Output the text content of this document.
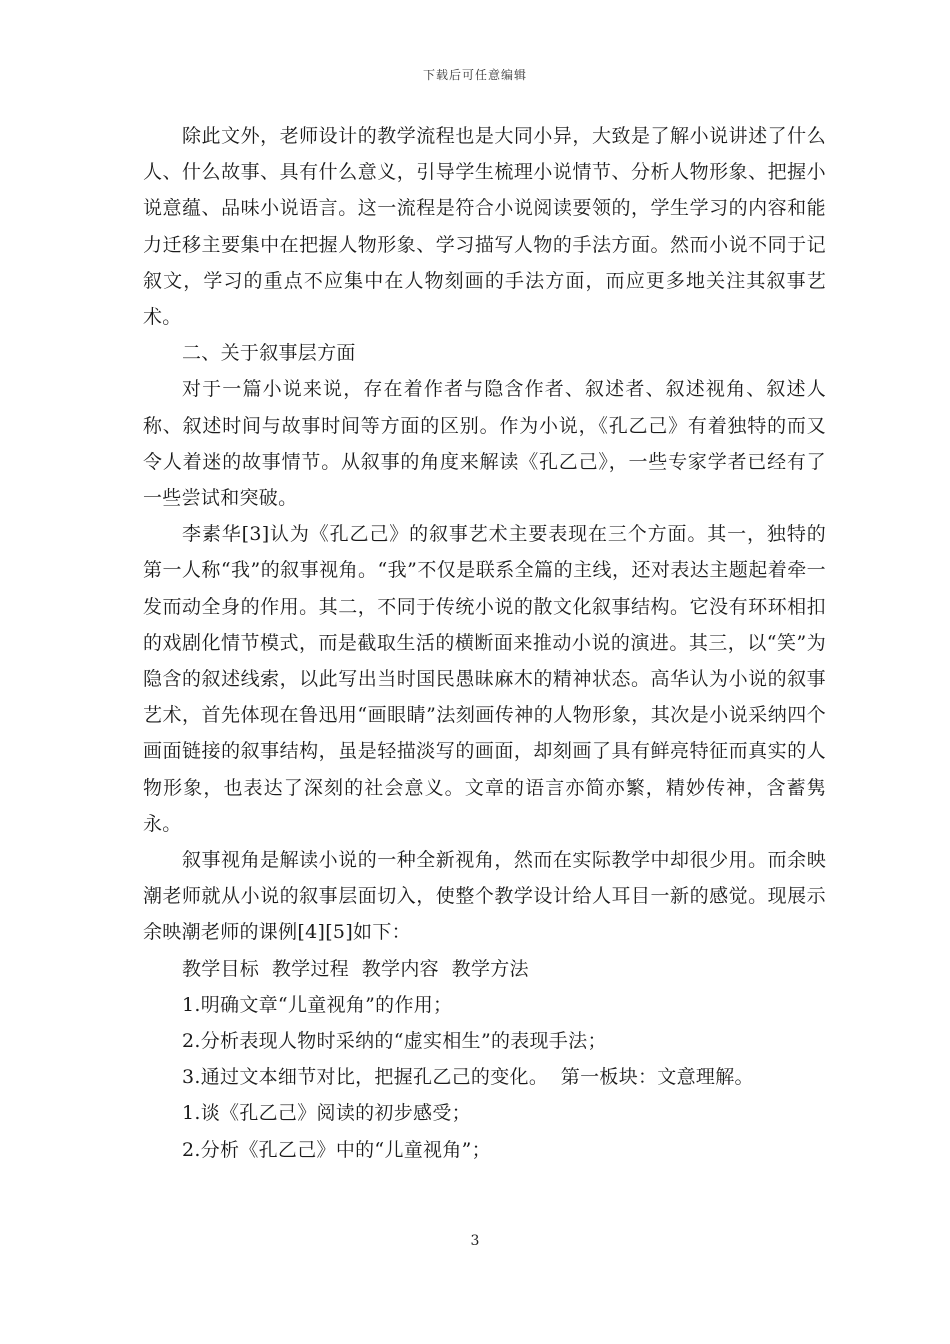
下载后可任意编辑

除此文外，老师设计的教学流程也是大同小异，大致是了解小说讲述了什么人、什么故事、具有什么意义，引导学生梳理小说情节、分析人物形象、把握小说意蕴、品味小说语言。这一流程是符合小说阅读要领的，学生学习的内容和能力迁移主要集中在把握人物形象、学习描写人物的手法方面。然而小说不同于记叙文，学习的重点不应集中在人物刻画的手法方面，而应更多地关注其叙事艺术。

二、关于叙事层方面

对于一篇小说来说，存在着作者与隐含作者、叙述者、叙述视角、叙述人称、叙述时间与故事时间等方面的区别。作为小说，《孔乙己》有着独特的而又令人着迷的故事情节。从叙事的角度来解读《孔乙己》，一些专家学者已经有了一些尝试和突破。

李素华[3]认为《孔乙己》的叙事艺术主要表现在三个方面。其一，独特的第一人称“我”的叙事视角。“我”不仅是联系全篇的主线，还对表达主题起着牵一发而动全身的作用。其二，不同于传统小说的散文化叙事结构。它没有环环相扣的戏剧化情节模式，而是截取生活的横断面来推动小说的演进。其三，以“笑”为隐含的叙述线索，以此写出当时国民愚昧麻木的精神状态。高华认为小说的叙事艺术，首先体现在鲁迅用“画眼睛”法刻画传神的人物形象，其次是小说采纳四个画面链接的叙事结构，虽是轻描淡写的画面，却刻画了具有鲜亮特征而真实的人物形象，也表达了深刻的社会意义。文章的语言亦简亦繁，精妙传神，含蓄隽永。

叙事视角是解读小说的一种全新视角，然而在实际教学中却很少用。而余映潮老师就从小说的叙事层面切入，使整个教学设计给人耳目一新的感觉。现展示余映潮老师的课例[4][5]如下：

教学目标  教学过程  教学内容  教学方法

1.明确文章“儿童视角”的作用；

2.分析表现人物时采纳的“虚实相生”的表现手法；

3.通过文本细节对比，把握孔乙己的变化。  第一板块：文意理解。

1.谈《孔乙己》阅读的初步感受；

2.分析《孔乙己》中的“儿童视角”；

3
